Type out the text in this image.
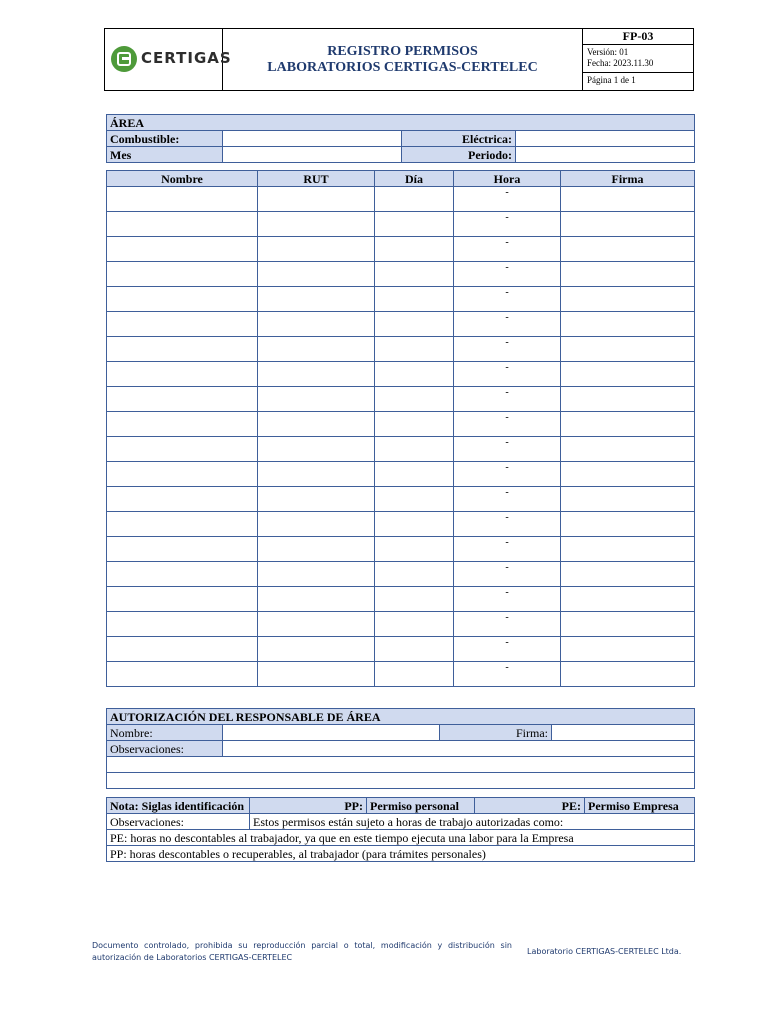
CERTIGAS	REGISTRO PERMISOS
LABORATORIOS CERTIGAS-CERTELEC
FP-03
Versión: 01
Fecha: 2023.11.30
Página 1 de 1
ÁREA			
Combustible:		Eléctrica:	
Mes		Periodo:	
Nombre	RUT	Día	Hora	Firma
			-	
			-	
			-	
			-	
			-	
			-	
			-	
			-	
			-	
			-	
			-	
			-	
			-	
			-	
			-	
			-	
			-	
			-	
			-	
			-	
AUTORIZACIÓN DEL RESPONSABLE DE ÁREA			
Nombre:		Firma:	
Observaciones:			

Nota: Siglas identificación	PP:	Permiso personal	PE:	Permiso Empresa
Observaciones:	Estos permisos están sujeto a horas de trabajo autorizadas como:			
PE: horas no descontables al trabajador, ya que en este tiempo ejecuta una labor para la Empresa				
PP: horas descontables o recuperables, al trabajador (para trámites personales)				
Documento controlado, prohibida su reproducción parcial o total, modificación y distribución sin autorización de Laboratorios CERTIGAS-CERTELEC
Laboratorio CERTIGAS-CERTELEC Ltda.
